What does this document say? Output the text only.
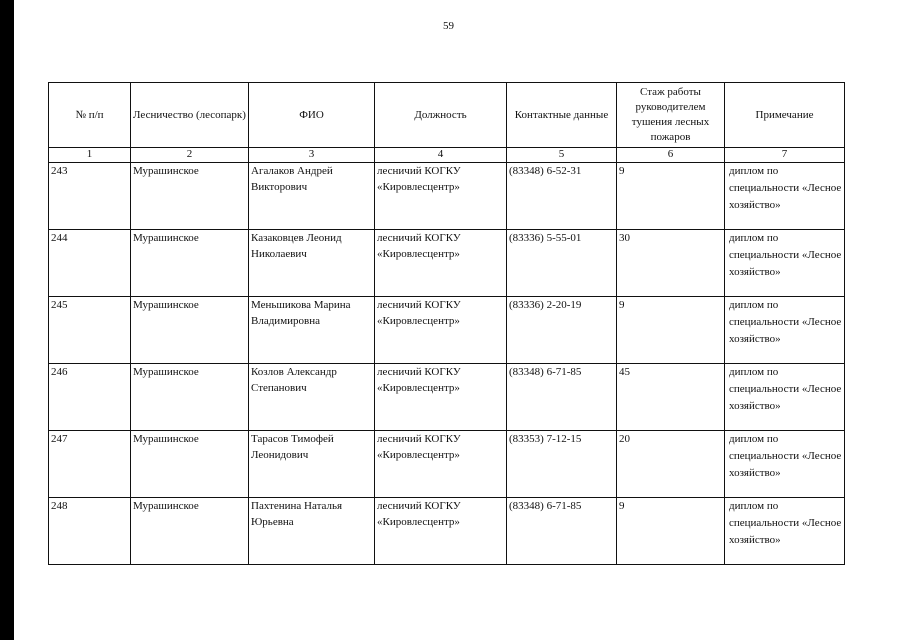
59
№ п/п	Лесничество (лесопарк)	ФИО	Должность	Контактные данные	Стаж работы руководителем тушения лесных пожаров	Примечание
1	2	3	4	5	6	7
243	Мурашинское	Агалаков Андрей Викторович	лесничий КОГКУ «Кировлесцентр»	(83348) 6-52-31	9	диплом по специальности «Лесное хозяйство»
244	Мурашинское	Казаковцев Леонид Николаевич	лесничий КОГКУ «Кировлесцентр»	(83336) 5-55-01	30	диплом по специальности «Лесное хозяйство»
245	Мурашинское	Меньшикова Марина Владимировна	лесничий КОГКУ «Кировлесцентр»	(83336) 2-20-19	9	диплом по специальности «Лесное хозяйство»
246	Мурашинское	Козлов Александр Степанович	лесничий КОГКУ «Кировлесцентр»	(83348) 6-71-85	45	диплом по специальности «Лесное хозяйство»
247	Мурашинское	Тарасов Тимофей Леонидович	лесничий КОГКУ «Кировлесцентр»	(83353) 7-12-15	20	диплом по специальности «Лесное хозяйство»
248	Мурашинское	Пахтенина Наталья Юрьевна	лесничий КОГКУ «Кировлесцентр»	(83348) 6-71-85	9	диплом по специальности «Лесное хозяйство»
